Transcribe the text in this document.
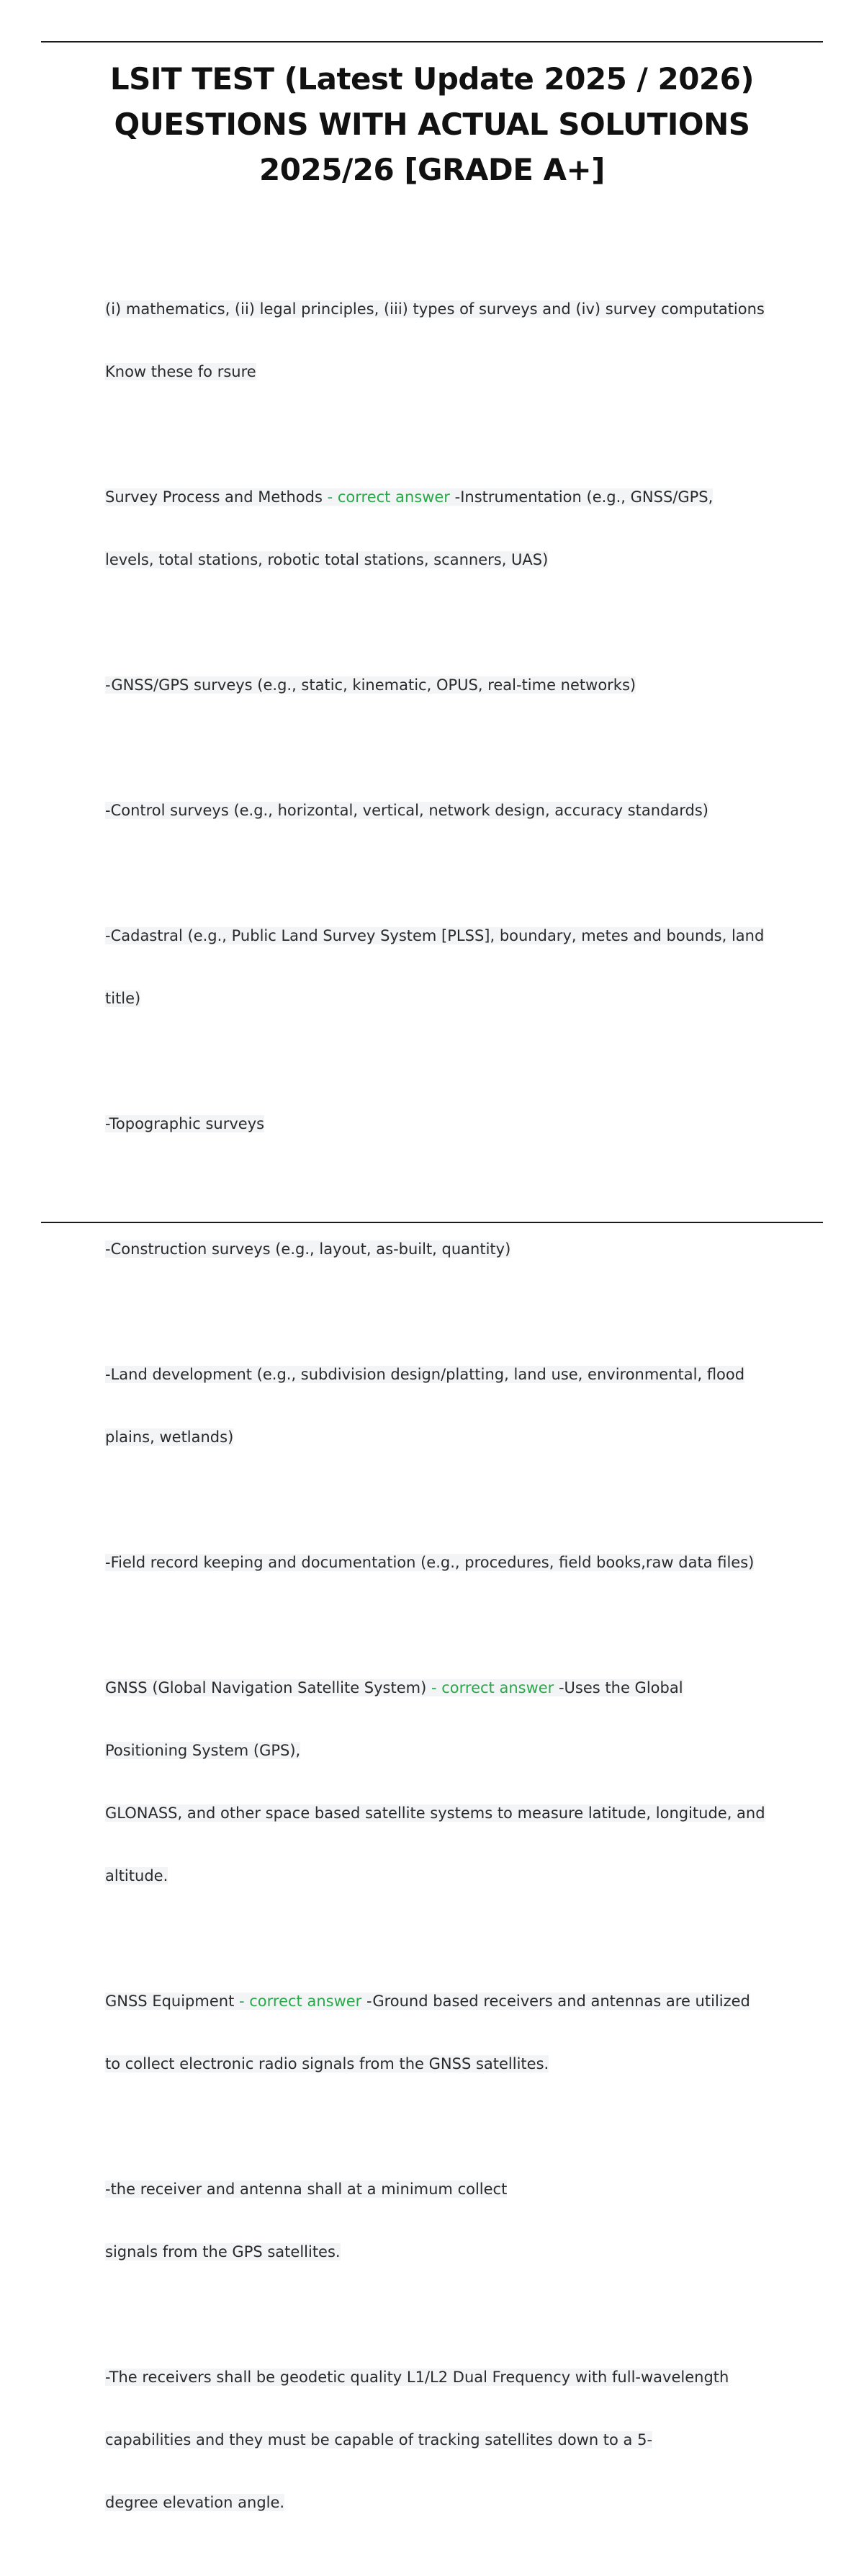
LSIT TEST (Latest Update 2025 / 2026)
QUESTIONS WITH ACTUAL SOLUTIONS
2025/26 [GRADE A+]

(i) mathematics, (ii) legal principles, (iii) types of surveys and (iv) survey computations

Know these fo rsure

Survey Process and Methods - correct answer -Instrumentation (e.g., GNSS/GPS,

levels, total stations, robotic total stations, scanners, UAS)

-GNSS/GPS surveys (e.g., static, kinematic, OPUS, real-time networks)

-Control surveys (e.g., horizontal, vertical, network design, accuracy standards)

-Cadastral (e.g., Public Land Survey System [PLSS], boundary, metes and bounds, land

title)

-Topographic surveys

-Construction surveys (e.g., layout, as-built, quantity)

-Land development (e.g., subdivision design/platting, land use, environmental, flood

plains, wetlands)

-Field record keeping and documentation (e.g., procedures, field books,raw data files)

GNSS (Global Navigation Satellite System) - correct answer -Uses the Global

Positioning System (GPS),

GLONASS, and other space based satellite systems to measure latitude, longitude, and

altitude.

GNSS Equipment - correct answer -Ground based receivers and antennas are utilized

to collect electronic radio signals from the GNSS satellites.

-the receiver and antenna shall at a minimum collect

signals from the GPS satellites.

-The receivers shall be geodetic quality L1/L2 Dual Frequency with full-wavelength

capabilities and they must be capable of tracking satellites down to a 5-

degree elevation angle.
